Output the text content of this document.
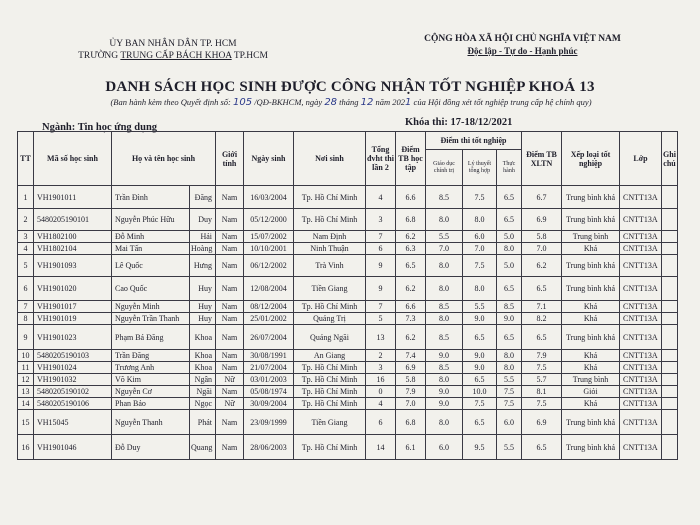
ỦY BAN NHÂN DÂN TP. HCM
TRƯỜNG TRUNG CẤP BÁCH KHOA TP.HCM
CỘNG HÒA XÃ HỘI CHỦ NGHĨA VIỆT NAM
Độc lập - Tự do - Hạnh phúc
DANH SÁCH HỌC SINH ĐƯỢC CÔNG NHẬN TỐT NGHIỆP KHOÁ 13
(Ban hành kèm theo Quyết định số: 105 /QĐ-BKHCM, ngày 28 tháng 12 năm 2021 của Hội đồng xét tốt nghiệp trung cấp hệ chính quy)
Ngành: Tin học ứng dụng	Khóa thi: 17-18/12/2021
TT	Mã số học sinh	Họ và tên học sinh		Giới tính	Ngày sinh	Nơi sinh	Tổng đvht thi lần 2	Điểm TB học tập	Điểm thi tốt nghiệp			Điểm TB XLTN	Xếp loại tốt nghiệp	Lớp	Ghi chú
									Giáo dục chính trị	Lý thuyết tổng hợp	Thực hành				
1	VH1901011	Trần Đình	Đăng	Nam	16/03/2004	Tp. Hồ Chí Minh	4	6.6	8.5	7.5	6.5	6.7	Trung bình khá	CNTT13A	
2	5480205190101	Nguyễn Phúc Hữu	Duy	Nam	05/12/2000	Tp. Hồ Chí Minh	3	6.8	8.0	8.0	6.5	6.9	Trung bình khá	CNTT13A	
3	VH1802100	Đỗ Minh	Hải	Nam	15/07/2002	Nam Định	7	6.2	5.5	6.0	5.0	5.8	Trung bình	CNTT13A	
4	VH1802104	Mai Tấn	Hoàng	Nam	10/10/2001	Ninh Thuận	6	6.3	7.0	7.0	8.0	7.0	Khá	CNTT13A	
5	VH1901093	Lê Quốc	Hưng	Nam	06/12/2002	Trà Vinh	9	6.5	8.0	7.5	5.0	6.2	Trung bình khá	CNTT13A	
6	VH1901020	Cao Quốc	Huy	Nam	12/08/2004	Tiền Giang	9	6.2	8.0	8.0	6.5	6.5	Trung bình khá	CNTT13A	
7	VH1901017	Nguyễn Minh	Huy	Nam	08/12/2004	Tp. Hồ Chí Minh	7	6.6	8.5	5.5	8.5	7.1	Khá	CNTT13A	
8	VH1901019	Nguyễn Trần Thanh	Huy	Nam	25/01/2002	Quảng Trị	5	7.3	8.0	9.0	9.0	8.2	Khá	CNTT13A	
9	VH1901023	Phạm Bá Đăng	Khoa	Nam	26/07/2004	Quảng Ngãi	13	6.2	8.5	6.5	6.5	6.5	Trung bình khá	CNTT13A	
10	5480205190103	Trần Đăng	Khoa	Nam	30/08/1991	An Giang	2	7.4	9.0	9.0	8.0	7.9	Khá	CNTT13A	
11	VH1901024	Trương Anh	Khoa	Nam	21/07/2004	Tp. Hồ Chí Minh	3	6.9	8.5	9.0	8.0	7.5	Khá	CNTT13A	
12	VH1901032	Võ Kim	Ngân	Nữ	03/01/2003	Tp. Hồ Chí Minh	16	5.8	8.0	6.5	5.5	5.7	Trung bình	CNTT13A	
13	5480205190102	Nguyễn Cơ	Ngãi	Nam	05/08/1974	Tp. Hồ Chí Minh	0	7.9	9.0	10.0	7.5	8.1	Giỏi	CNTT13A	
14	5480205190106	Phan Bảo	Ngọc	Nữ	30/09/2004	Tp. Hồ Chí Minh	4	7.0	9.0	7.5	7.5	7.5	Khá	CNTT13A	
15	VH15045	Nguyễn Thanh	Phát	Nam	23/09/1999	Tiền Giang	6	6.8	8.0	6.5	6.0	6.9	Trung bình khá	CNTT13A	
16	VH1901046	Đỗ Duy	Quang	Nam	28/06/2003	Tp. Hồ Chí Minh	14	6.1	6.0	9.5	5.5	6.5	Trung bình khá	CNTT13A	
